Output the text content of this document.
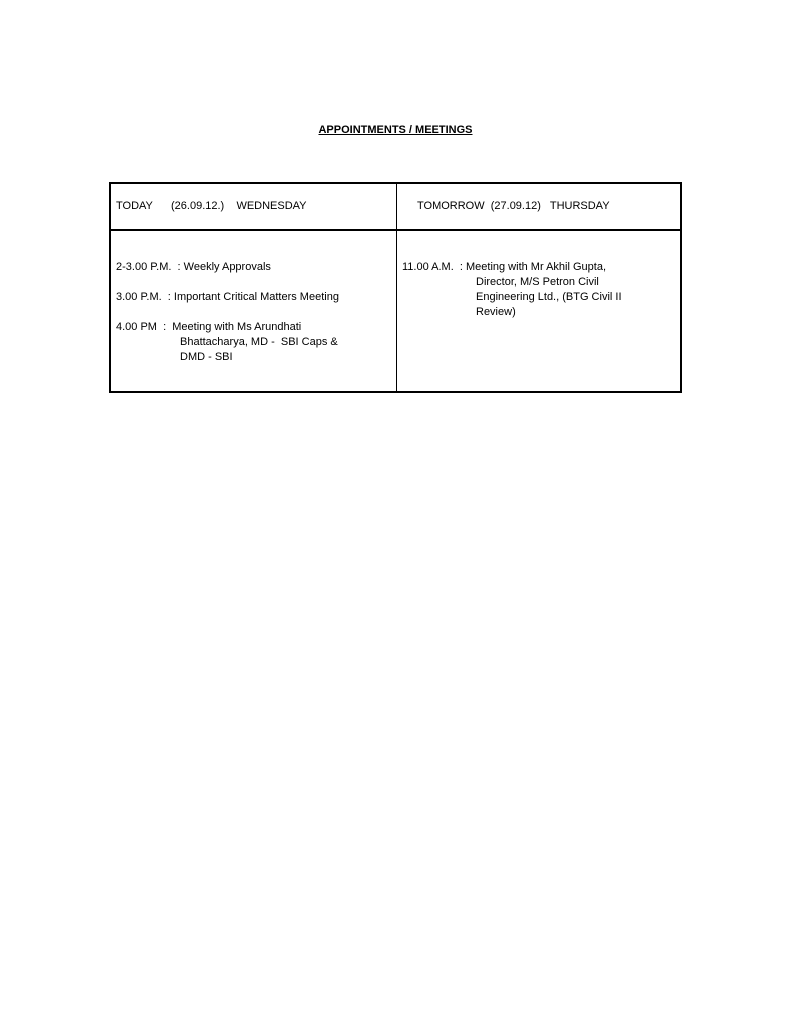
APPOINTMENTS / MEETINGS
TODAY      (26.09.12.)    WEDNESDAY	TOMORROW  (27.09.12)   THURSDAY
2-3.00 P.M.  : Weekly Approvals
3.00 P.M.  : Important Critical Matters Meeting
4.00 PM  :  Meeting with Ms Arundhati
Bhattacharya, MD -  SBI Caps &
DMD - SBI
11.00 A.M.  : Meeting with Mr Akhil Gupta,
Director, M/S Petron Civil
Engineering Ltd., (BTG Civil II
Review)
